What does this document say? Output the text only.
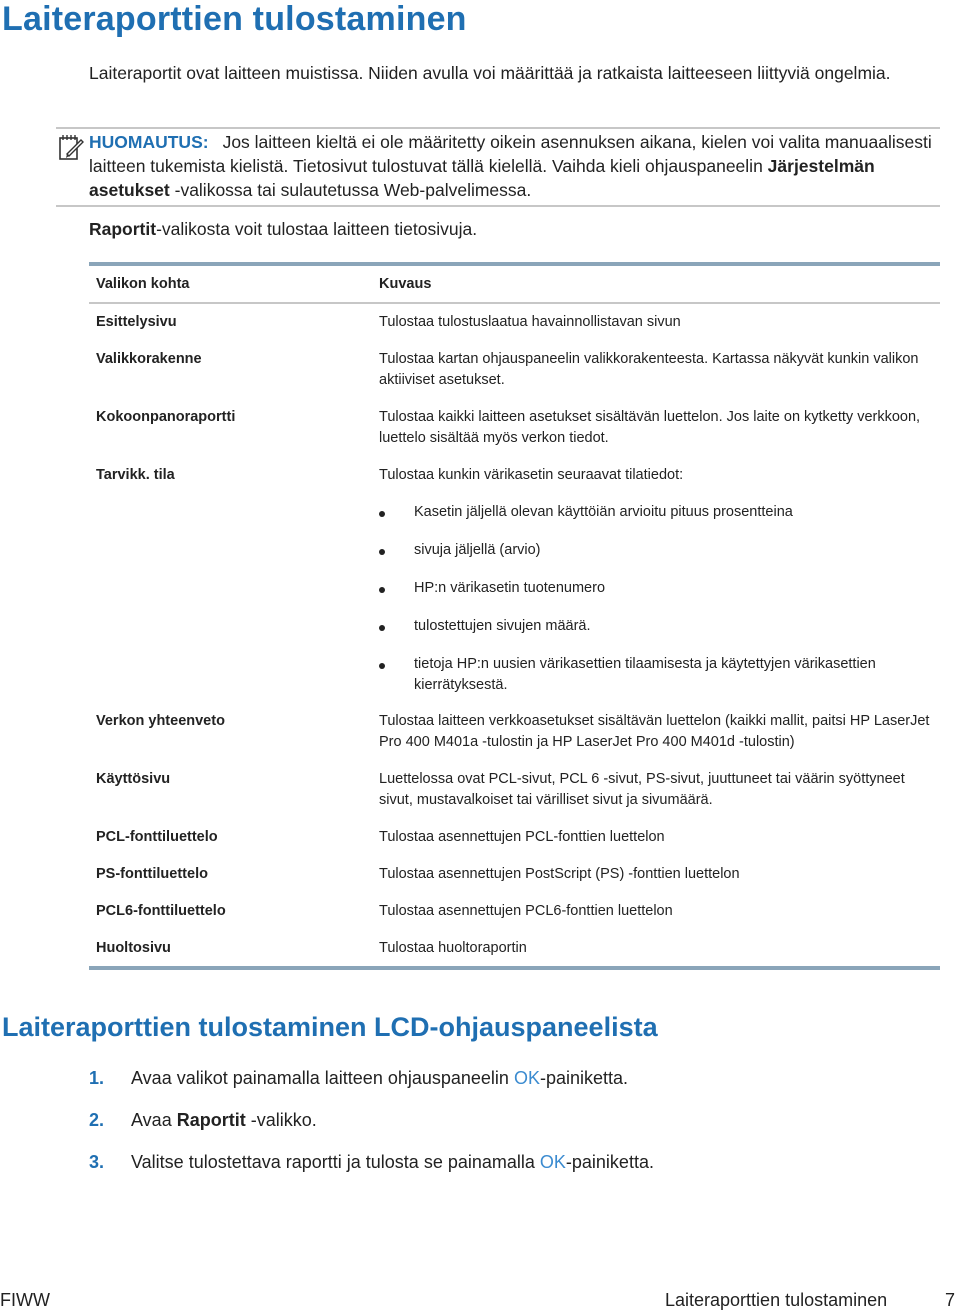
Laiteraporttien tulostaminen
Laiteraportit ovat laitteen muistissa. Niiden avulla voi määrittää ja ratkaista laitteeseen liittyviä ongelmia.
HUOMAUTUS: Jos laitteen kieltä ei ole määritetty oikein asennuksen aikana, kielen voi valita manuaalisesti laitteen tukemista kielistä. Tietosivut tulostuvat tällä kielellä. Vaihda kieli ohjauspaneelin Järjestelmän asetukset -valikossa tai sulautetussa Web-palvelimessa.
Raportit-valikosta voit tulostaa laitteen tietosivuja.
Valikon kohta	Kuvaus
Esittelysivu	Tulostaa tulostuslaatua havainnollistavan sivun
Valikkorakenne	Tulostaa kartan ohjauspaneelin valikkorakenteesta. Kartassa näkyvät kunkin valikon aktiiviset asetukset.
Kokoonpanoraportti	Tulostaa kaikki laitteen asetukset sisältävän luettelon. Jos laite on kytketty verkkoon, luettelo sisältää myös verkon tiedot.
Tarvikk. tila	Tulostaa kunkin värikasetin seuraavat tilatiedot:
Kasetin jäljellä olevan käyttöiän arvioitu pituus prosentteina
sivuja jäljellä (arvio)
HP:n värikasetin tuotenumero
tulostettujen sivujen määrä.
tietoja HP:n uusien värikasettien tilaamisesta ja käytettyjen värikasettien kierrätyksestä.
Verkon yhteenveto	Tulostaa laitteen verkkoasetukset sisältävän luettelon (kaikki mallit, paitsi HP LaserJet Pro 400 M401a -tulostin ja HP LaserJet Pro 400 M401d -tulostin)
Käyttösivu	Luettelossa ovat PCL-sivut, PCL 6 -sivut, PS-sivut, juuttuneet tai väärin syöttyneet sivut, mustavalkoiset tai värilliset sivut ja sivumäärä.
PCL-fonttiluettelo	Tulostaa asennettujen PCL-fonttien luettelon
PS-fonttiluettelo	Tulostaa asennettujen PostScript (PS) -fonttien luettelon
PCL6-fonttiluettelo	Tulostaa asennettujen PCL6-fonttien luettelon
Huoltosivu	Tulostaa huoltoraportin
Laiteraporttien tulostaminen LCD-ohjauspaneelista
1. Avaa valikot painamalla laitteen ohjauspaneelin OK-painiketta.
2. Avaa Raportit -valikko.
3. Valitse tulostettava raportti ja tulosta se painamalla OK-painiketta.
FIWW	Laiteraporttien tulostaminen	7
